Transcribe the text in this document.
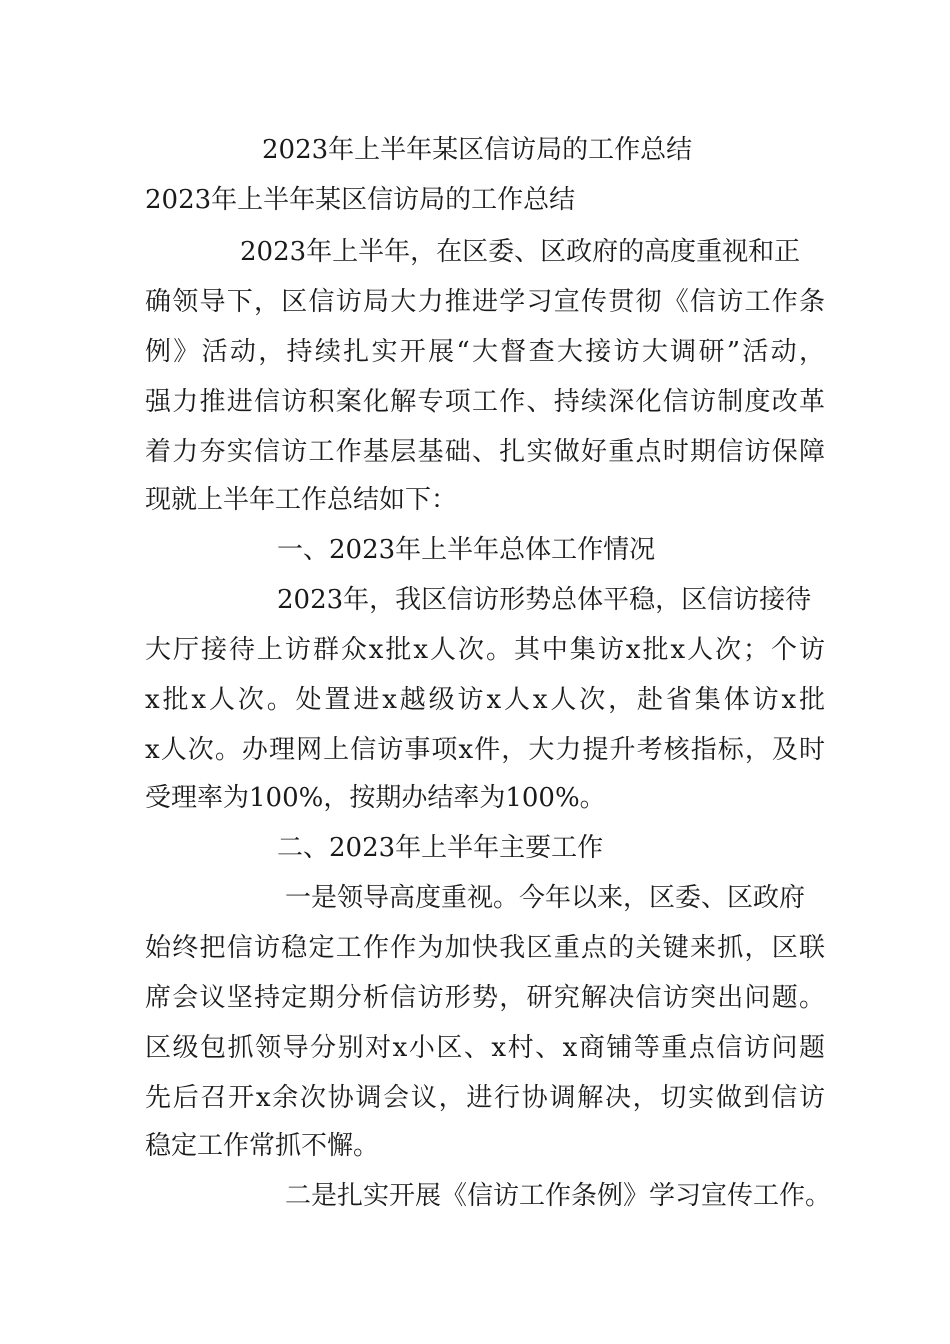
2023年上半年某区信访局的工作总结
2023年上半年某区信访局的工作总结
2023年上半年，在区委、区政府的高度重视和正
确领导下，区信访局大力推进学习宣传贯彻《信访工作条
例》活动，持续扎实开展“大督查大接访大调研”活动，
强力推进信访积案化解专项工作、持续深化信访制度改革
着力夯实信访工作基层基础、扎实做好重点时期信访保障
现就上半年工作总结如下：
一、2023年上半年总体工作情况
2023年，我区信访形势总体平稳，区信访接待
大厅接待上访群众x批x人次。其中集访x批x人次；个访
x批x人次。处置进x越级访x人x人次，赴省集体访x批
x人次。办理网上信访事项x件，大力提升考核指标，及时
受理率为100%，按期办结率为100%。
二、2023年上半年主要工作
一是领导高度重视。今年以来，区委、区政府
始终把信访稳定工作作为加快我区重点的关键来抓，区联
席会议坚持定期分析信访形势，研究解决信访突出问题。
区级包抓领导分别对x小区、x村、x商铺等重点信访问题
先后召开x余次协调会议，进行协调解决，切实做到信访
稳定工作常抓不懈。
二是扎实开展《信访工作条例》学习宣传工作。
